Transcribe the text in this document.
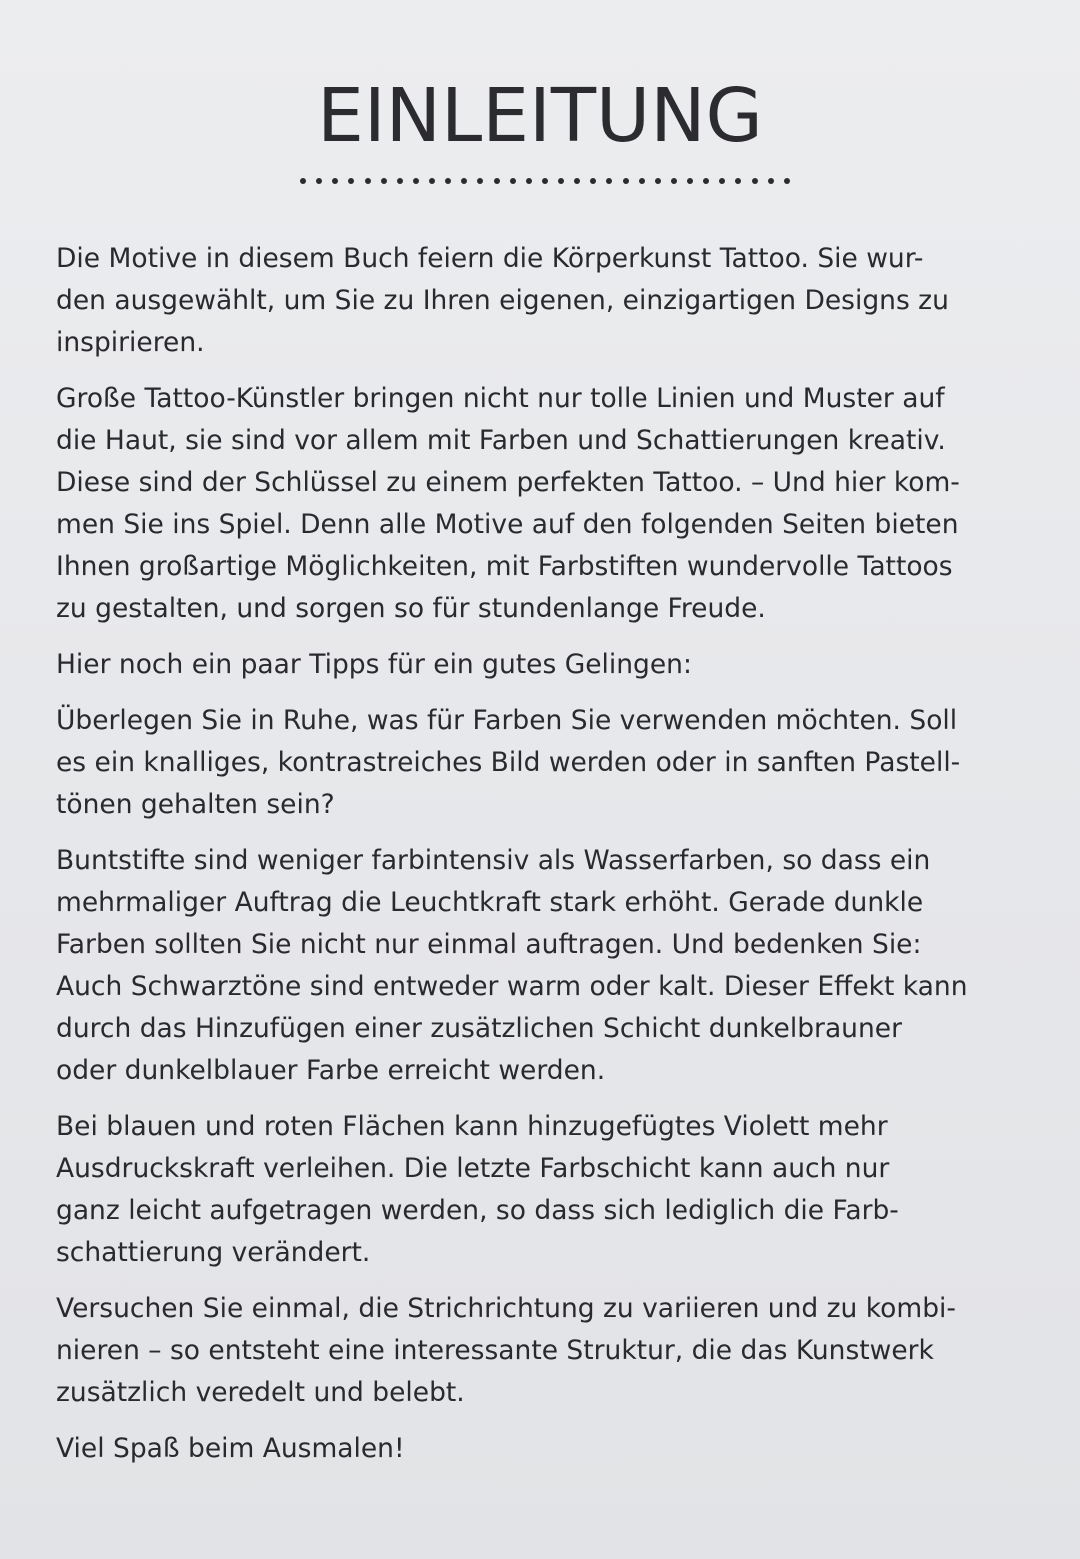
EINLEITUNG

Die Motive in diesem Buch feiern die Körperkunst Tattoo. Sie wur-
den ausgewählt, um Sie zu Ihren eigenen, einzigartigen Designs zu
inspirieren.

Große Tattoo-Künstler bringen nicht nur tolle Linien und Muster auf
die Haut, sie sind vor allem mit Farben und Schattierungen kreativ.
Diese sind der Schlüssel zu einem perfekten Tattoo. – Und hier kom-
men Sie ins Spiel. Denn alle Motive auf den folgenden Seiten bieten
Ihnen großartige Möglichkeiten, mit Farbstiften wundervolle Tattoos
zu gestalten, und sorgen so für stundenlange Freude.

Hier noch ein paar Tipps für ein gutes Gelingen:

Überlegen Sie in Ruhe, was für Farben Sie verwenden möchten. Soll
es ein knalliges, kontrastreiches Bild werden oder in sanften Pastell-
tönen gehalten sein?

Buntstifte sind weniger farbintensiv als Wasserfarben, so dass ein
mehrmaliger Auftrag die Leuchtkraft stark erhöht. Gerade dunkle
Farben sollten Sie nicht nur einmal auftragen. Und bedenken Sie:
Auch Schwarztöne sind entweder warm oder kalt. Dieser Effekt kann
durch das Hinzufügen einer zusätzlichen Schicht dunkelbrauner
oder dunkelblauer Farbe erreicht werden.

Bei blauen und roten Flächen kann hinzugefügtes Violett mehr
Ausdruckskraft verleihen. Die letzte Farbschicht kann auch nur
ganz leicht aufgetragen werden, so dass sich lediglich die Farb-
schattierung verändert.

Versuchen Sie einmal, die Strichrichtung zu variieren und zu kombi-
nieren – so entsteht eine interessante Struktur, die das Kunstwerk
zusätzlich veredelt und belebt.

Viel Spaß beim Ausmalen!
